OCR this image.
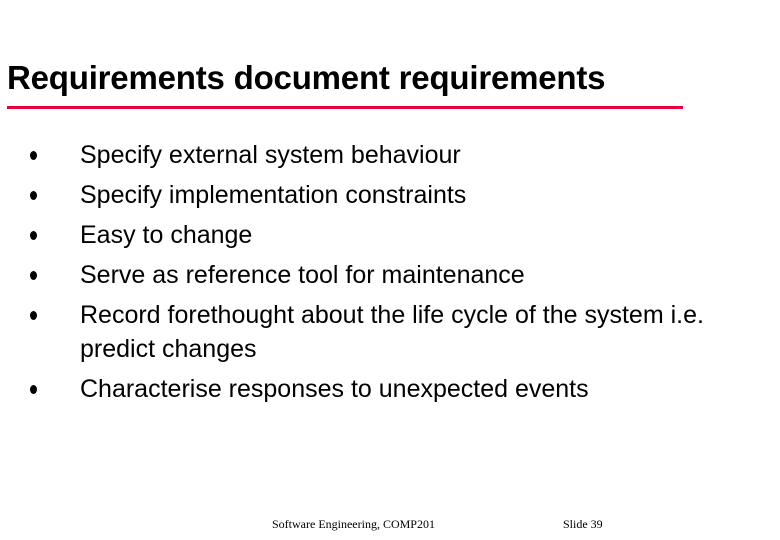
Requirements document requirements
Specify external system behaviour
Specify implementation constraints
Easy to change
Serve as reference tool for maintenance
Record forethought about the life cycle of the system i.e. predict changes
Characterise responses to unexpected events
Software Engineering, COMP201	Slide 39
